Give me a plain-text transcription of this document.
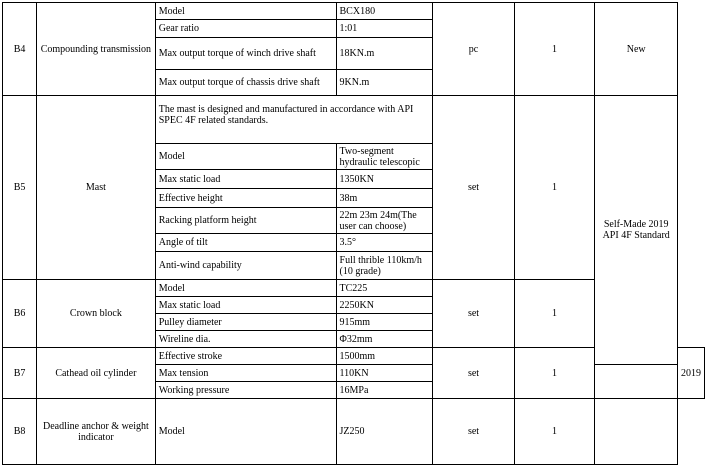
B4	Compounding transmission	Model	BCX180	pc	1	New	
		Gear ratio	1:01				
		Max output torque of winch drive shaft	18KN.m				
		Max output torque of chassis drive shaft	9KN.m				
B5	Mast	The mast is designed and manufactured in accordance with API SPEC 4F related standards.		set	1	Self-Made 2019 API 4F Standard	
		Model	Two-segment hydraulic telescopic				
		Max static load	1350KN				
		Effective height	38m				
		Racking platform height	22m 23m 24m(The user can choose)				
		Angle of tilt	3.5°				
		Anti-wind capability	Full thrible 110km/h (10 grade)				
B6	Crown block	Model	TC225	set	1		
		Max static load	2250KN				
		Pulley diameter	915mm				
		Wireline dia.	Φ32mm				
B7	Cathead oil cylinder	Effective stroke	1500mm	set	1		2019
		Max tension	110KN				
		Working pressure	16MPa				
B8	Deadline anchor & weight indicator	Model	JZ250	set	1		
